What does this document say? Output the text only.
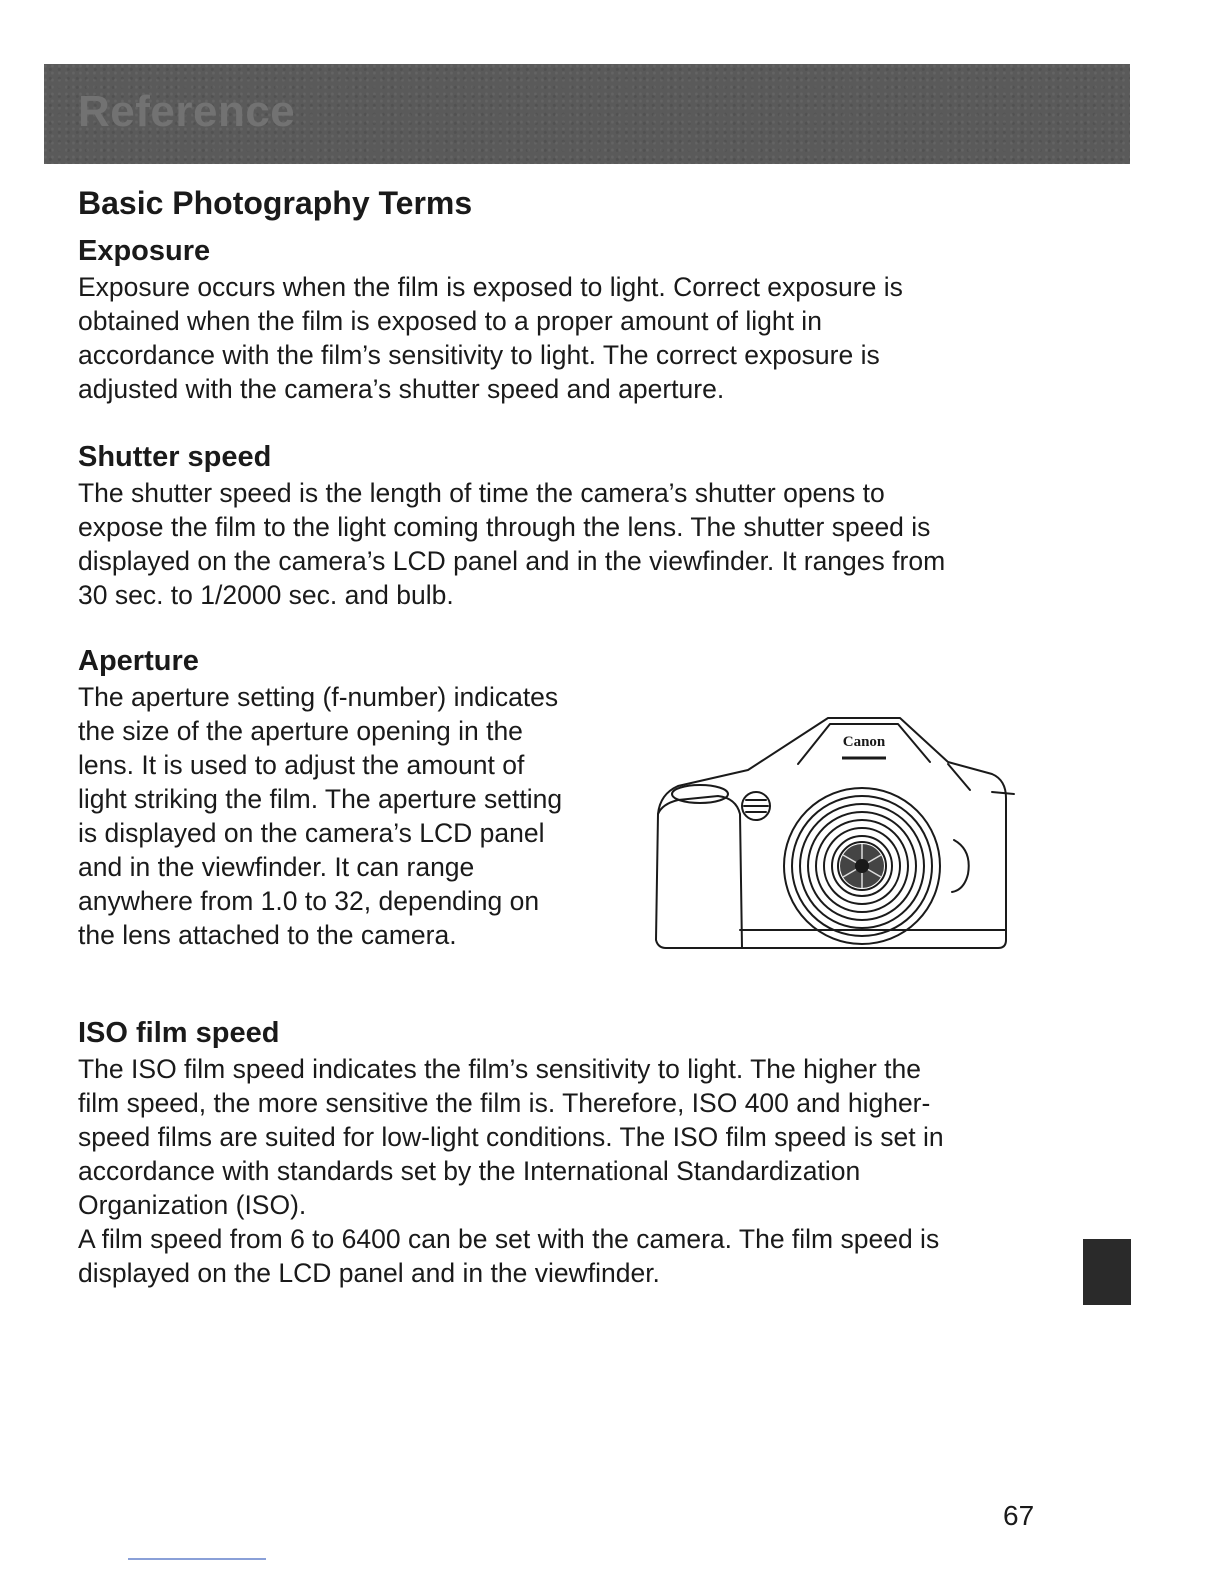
Reference
Basic Photography Terms
Exposure
Exposure occurs when the film is exposed to light. Correct exposure is
obtained when the film is exposed to a proper amount of light in
accordance with the film’s sensitivity to light. The correct exposure is
adjusted with the camera’s shutter speed and aperture.
Shutter speed
The shutter speed is the length of time the camera’s shutter opens to
expose the film to the light coming through the lens. The shutter speed is
displayed on the camera’s LCD panel and in the viewfinder. It ranges from
30 sec. to 1/2000 sec. and bulb.
Aperture
The aperture setting (f-number) indicates
the size of the aperture opening in the
lens. It is used to adjust the amount of
light striking the film. The aperture setting
is displayed on the camera’s LCD panel
and in the viewfinder. It can range
anywhere from 1.0 to 32, depending on
the lens attached to the camera.
Canon
ISO film speed
The ISO film speed indicates the film’s sensitivity to light. The higher the
film speed, the more sensitive the film is. Therefore, ISO 400 and higher-
speed films are suited for low-light conditions. The ISO film speed is set in
accordance with standards set by the International Standardization
Organization (ISO).
A film speed from 6 to 6400 can be set with the camera. The film speed is
displayed on the LCD panel and in the viewfinder.
67
